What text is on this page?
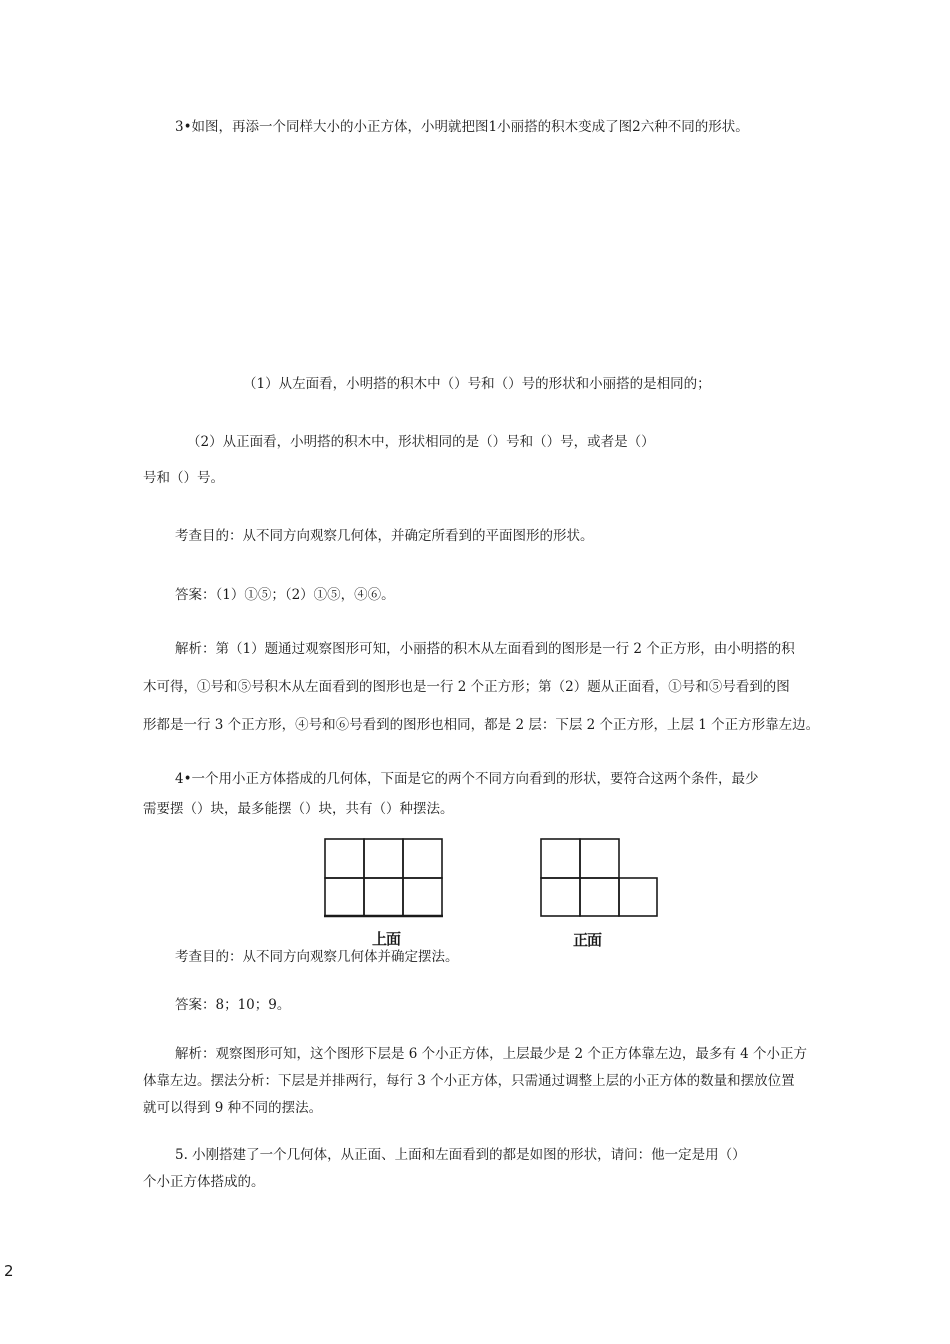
3•如图，再添一个同样大小的小正方体，小明就把图1小丽搭的积木变成了图2六种不同的形状。
（1）从左面看，小明搭的积木中（）号和（）号的形状和小丽搭的是相同的；
（2）从正面看，小明搭的积木中，形状相同的是（）号和（）号，或者是（）
号和（）号。
考查目的：从不同方向观察几何体，并确定所看到的平面图形的形状。
答案：（1）①⑤；（2）①⑤，④⑥。
解析：第（1）题通过观察图形可知，小丽搭的积木从左面看到的图形是一行 2 个正方形，由小明搭的积
木可得，①号和⑤号积木从左面看到的图形也是一行 2 个正方形；第（2）题从正面看，①号和⑤号看到的图
形都是一行 3 个正方形，④号和⑥号看到的图形也相同，都是 2 层：下层 2 个正方形，上层 1 个正方形靠左边。
4•一个用小正方体搭成的几何体，下面是它的两个不同方向看到的形状，要符合这两个条件，最少
需要摆（）块，最多能摆（）块，共有（）种摆法。
上面	正面
考查目的：从不同方向观察几何体并确定摆法。
答案：8；10；9。
解析：观察图形可知，这个图形下层是 6 个小正方体，上层最少是 2 个正方体靠左边，最多有 4 个小正方
体靠左边。摆法分析：下层是并排两行，每行 3 个小正方体，只需通过调整上层的小正方体的数量和摆放位置
就可以得到 9 种不同的摆法。
5. 小刚搭建了一个几何体，从正面、上面和左面看到的都是如图的形状，请问：他一定是用（）
个小正方体搭成的。
2
